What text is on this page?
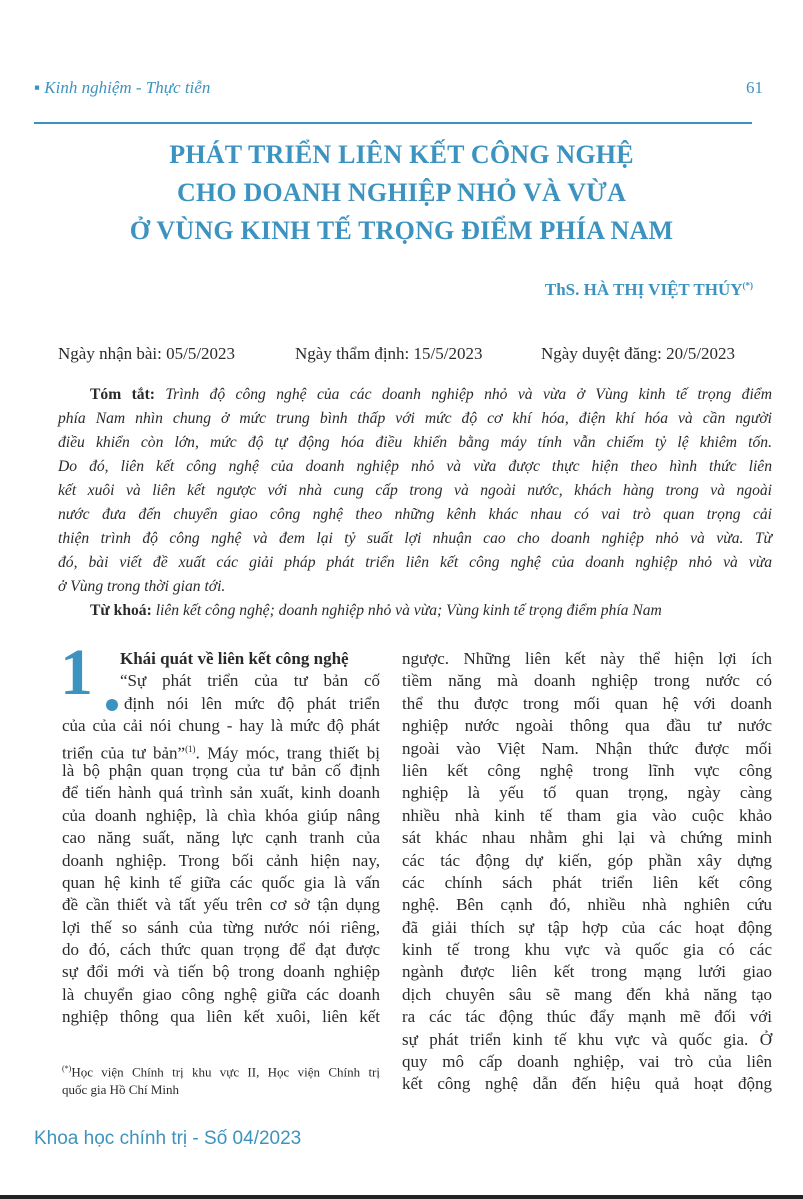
▪ Kinh nghiệm - Thực tiễn	61
PHÁT TRIỂN LIÊN KẾT CÔNG NGHỆ
CHO DOANH NGHIỆP NHỎ VÀ VỪA
Ở VÙNG KINH TẾ TRỌNG ĐIỂM PHÍA NAM
ThS. HÀ THỊ VIỆT THÚY(*)
Ngày nhận bài: 05/5/2023	Ngày thẩm định: 15/5/2023	Ngày duyệt đăng: 20/5/2023
Tóm tắt: Trình độ công nghệ của các doanh nghiệp nhỏ và vừa ở Vùng kinh tế trọng điểm
phía Nam nhìn chung ở mức trung bình thấp với mức độ cơ khí hóa, điện khí hóa và cần người
điều khiển còn lớn, mức độ tự động hóa điều khiển bằng máy tính vẫn chiếm tỷ lệ khiêm tốn.
Do đó, liên kết công nghệ của doanh nghiệp nhỏ và vừa được thực hiện theo hình thức liên
kết xuôi và liên kết ngược với nhà cung cấp trong và ngoài nước, khách hàng trong và ngoài
nước đưa đến chuyển giao công nghệ theo những kênh khác nhau có vai trò quan trọng cải
thiện trình độ công nghệ và đem lại tỷ suất lợi nhuận cao cho doanh nghiệp nhỏ và vừa. Từ
đó, bài viết đề xuất các giải pháp phát triển liên kết công nghệ của doanh nghiệp nhỏ và vừa
ở Vùng trong thời gian tới.
Từ khoá: liên kết công nghệ; doanh nghiệp nhỏ và vừa; Vùng kinh tế trọng điểm phía Nam
1	Khái quát về liên kết công nghệ
“Sự phát triển của tư bản cố
định nói lên mức độ phát triển
của của cải nói chung - hay là mức độ phát
triển của tư bản”$^{(1)}$. Máy móc, trang thiết bị
là bộ phận quan trọng của tư bản cố định
để tiến hành quá trình sản xuất, kinh doanh
của doanh nghiệp, là chìa khóa giúp nâng
cao năng suất, năng lực cạnh tranh của
doanh nghiệp. Trong bối cảnh hiện nay,
quan hệ kinh tế giữa các quốc gia là vấn
đề cần thiết và tất yếu trên cơ sở tận dụng
lợi thế so sánh của từng nước nói riêng,
do đó, cách thức quan trọng để đạt được
sự đổi mới và tiến bộ trong doanh nghiệp
là chuyển giao công nghệ giữa các doanh
nghiệp thông qua liên kết xuôi, liên kết
ngược. Những liên kết này thể hiện lợi ích
tiềm năng mà doanh nghiệp trong nước có
thể thu được trong mối quan hệ với doanh
nghiệp nước ngoài thông qua đầu tư nước
ngoài vào Việt Nam. Nhận thức được mối
liên kết công nghệ trong lĩnh vực công
nghiệp là yếu tố quan trọng, ngày càng
nhiều nhà kinh tế tham gia vào cuộc khảo
sát khác nhau nhằm ghi lại và chứng minh
các tác động dự kiến, góp phần xây dựng
các chính sách phát triển liên kết công
nghệ. Bên cạnh đó, nhiều nhà nghiên cứu
đã giải thích sự tập hợp của các hoạt động
kinh tế trong khu vực và quốc gia có các
ngành được liên kết trong mạng lưới giao
dịch chuyên sâu sẽ mang đến khả năng tạo
ra các tác động thúc đẩy mạnh mẽ đối với
sự phát triển kinh tế khu vực và quốc gia. Ở
quy mô cấp doanh nghiệp, vai trò của liên
kết công nghệ dẫn đến hiệu quả hoạt động
(*)Học viện Chính trị khu vực II, Học viện Chính trị
quốc gia Hồ Chí Minh
Khoa học chính trị - Số 04/2023
